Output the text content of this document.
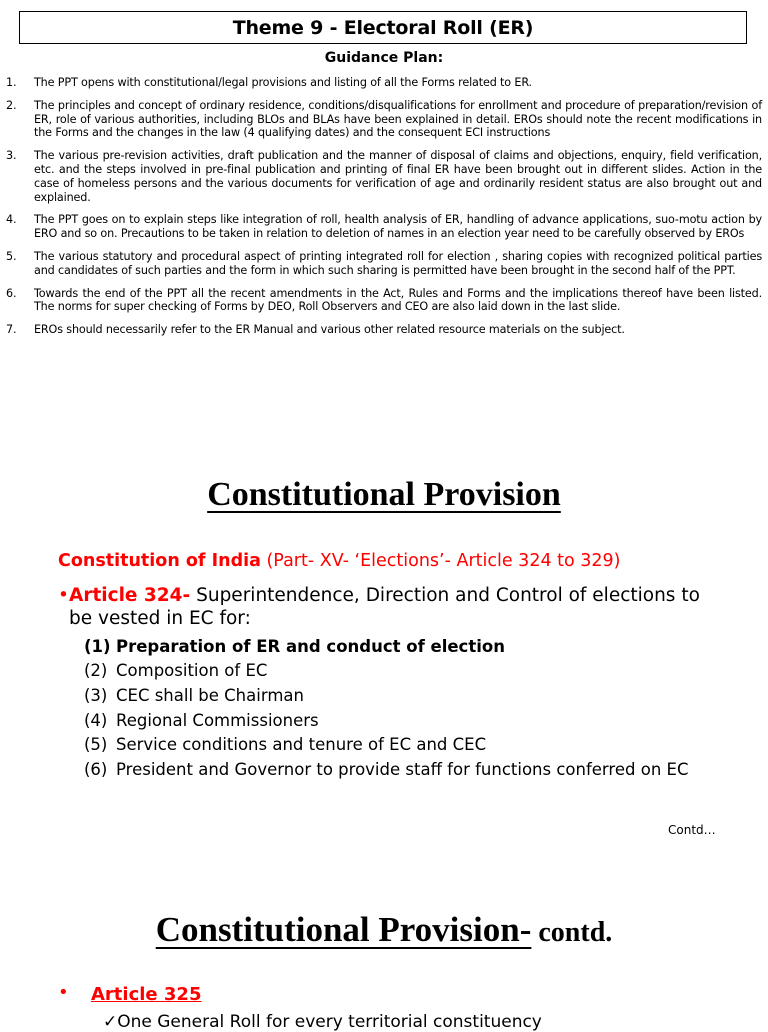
Theme 9 - Electoral Roll (ER)
Guidance Plan:
1.	The PPT opens with constitutional/legal provisions and listing of all the Forms related to ER.
2.	The principles and concept of ordinary residence, conditions/disqualifications for enrollment and procedure of preparation/revision of ER, role of various authorities, including BLOs and BLAs have been explained in detail. EROs should note the recent modifications in the Forms and the changes in the law (4 qualifying dates) and the consequent ECI instructions
3.	The various pre-revision activities, draft publication and the manner of disposal of claims and objections, enquiry, field verification, etc. and the steps involved in pre-final publication and printing of final ER have been brought out in different slides. Action in the case of homeless persons and the various documents for verification of age and ordinarily resident status are also brought out and explained.
4.	The PPT goes on to explain steps like integration of roll, health analysis of ER, handling of advance applications, suo-motu action by ERO and so on. Precautions to be taken in relation to deletion of names in an election year need to be carefully observed by EROs
5.	The various statutory and procedural aspect of printing integrated roll for election , sharing copies with recognized political parties and candidates of such parties and the form in which such sharing is permitted have been brought in the second half of the PPT.
6.	Towards the end of the PPT all the recent amendments in the Act, Rules and Forms and the implications thereof have been listed. The norms for super checking of Forms by DEO, Roll Observers and CEO are also laid down in the last slide.
7.	EROs should necessarily refer to the ER Manual and various other related resource materials on the subject.
Constitutional Provision
Constitution of India (Part- XV- ‘Elections’- Article 324 to 329)
• Article 324- Superintendence, Direction and Control of elections to
be vested in EC for:
(1) Preparation of ER and conduct of election
(2) Composition of EC
(3) CEC shall be Chairman
(4) Regional Commissioners
(5) Service conditions and tenure of EC and CEC
(6) President and Governor to provide staff for functions conferred on EC
Contd…
Constitutional Provision- contd.
• Article 325
✓One General Roll for every territorial constituency
